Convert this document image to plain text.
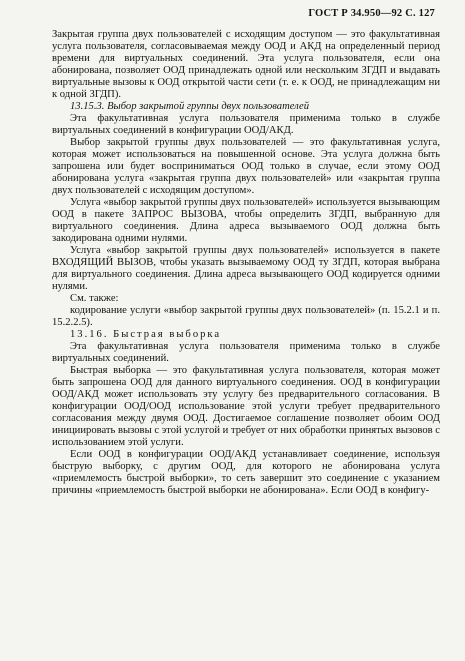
ГОСТ Р 34.950—92 С. 127

Закрытая группа двух пользователей с исходящим доступом — это факультативная услуга пользователя, согласовываемая между ООД и АКД на определенный период времени для виртуальных соединений. Эта услуга пользователя, если она абонирована, позволяет ООД принадлежать одной или нескольким ЗГДП и выдавать виртуальные вызовы к ООД открытой части сети (т. е. к ООД, не принадлежащим ни к одной ЗГДП).

13.15.3. Выбор закрытой группы двух пользователей

Эта факультативная услуга пользователя применима только в службе виртуальных соединений в конфигурации ООД/АКД.

Выбор закрытой группы двух пользователей — это факультативная услуга, которая может использоваться на повышенной основе. Эта услуга должна быть запрошена или будет восприниматься ООД только в случае, если этому ООД абонирована услуга «закрытая группа двух пользователей» или «закрытая группа двух пользователей с исходящим доступом».

Услуга «выбор закрытой группы двух пользователей» используется вызывающим ООД в пакете ЗАПРОС ВЫЗОВА, чтобы определить ЗГДП, выбранную для виртуального соединения. Длина адреса вызываемого ООД должна быть закодирована одними нулями.

Услуга «выбор закрытой группы двух пользователей» используется в пакете ВХОДЯЩИЙ ВЫЗОВ, чтобы указать вызываемому ООД ту ЗГДП, которая выбрана для виртуального соединения. Длина адреса вызывающего ООД кодируется одними нулями.

См. также:

кодирование услуги «выбор закрытой группы двух пользователей» (п. 15.2.1 и п. 15.2.2.5).

13.16. Быстрая выборка

Эта факультативная услуга пользователя применима только в службе виртуальных соединений.

Быстрая выборка — это факультативная услуга пользователя, которая может быть запрошена ООД для данного виртуального соединения. ООД в конфигурации ООД/АКД может использовать эту услугу без предварительного согласования. В конфигурации ООД/ООД использование этой услуги требует предварительного согласования между двумя ООД. Достигаемое соглашение позволяет обоим ООД инициировать вызовы с этой услугой и требует от них обработки принятых вызовов с использованием этой услуги.

Если ООД в конфигурации ООД/АКД устанавливает соединение, используя быструю выборку, с другим ООД, для которого не абонирована услуга «приемлемость быстрой выборки», то сеть завершит это соединение с указанием причины «приемлемость быстрой выборки не абонирована». Если ООД в конфигу-
